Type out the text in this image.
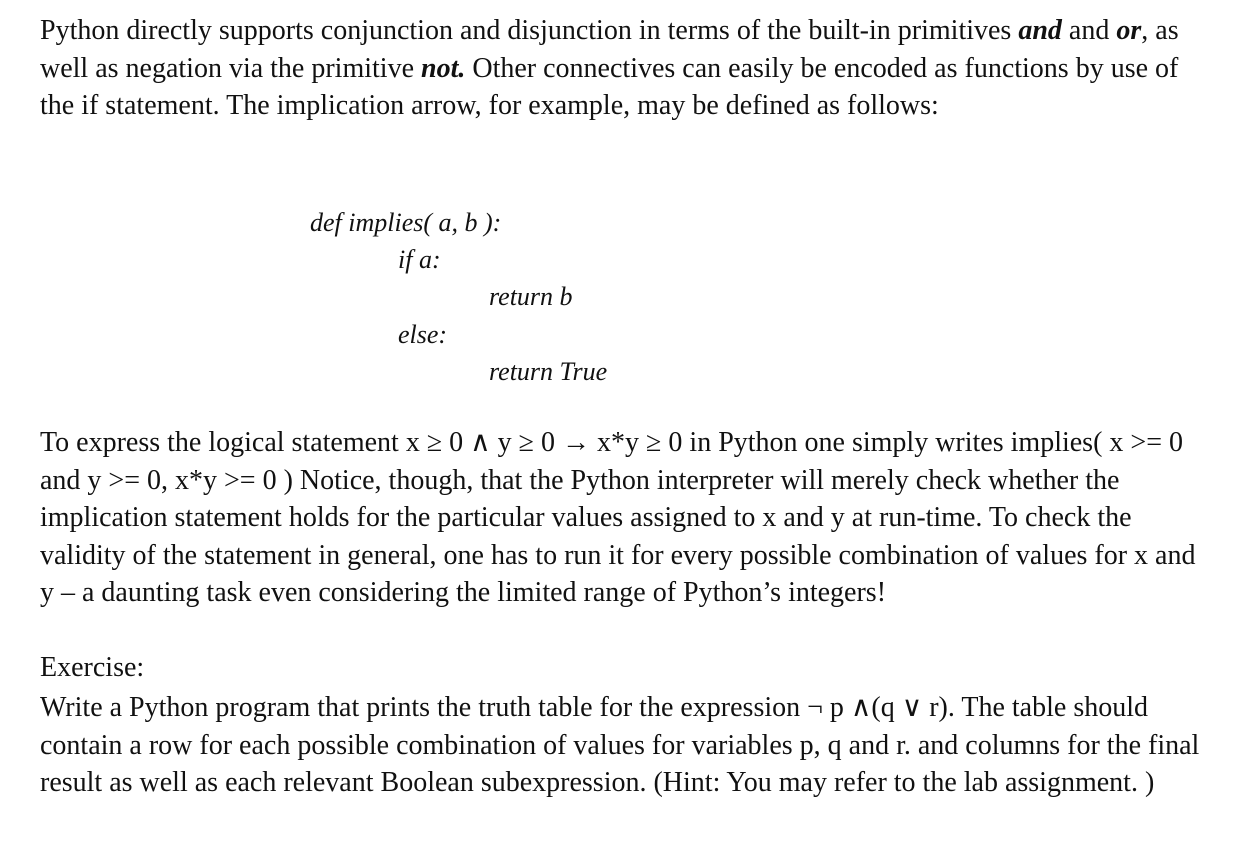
Python directly supports conjunction and disjunction in terms of the built-in primitives and and or, as well as negation via the primitive not. Other connectives can easily be encoded as functions by use of the if statement. The implication arrow, for example, may be defined as follows:

def implies( a, b ):
if a:
return b
else:
return True

To express the logical statement x ≥ 0 ∧ y ≥ 0 → x*y ≥ 0 in Python one simply writes implies( x >= 0 and y >= 0, x*y >= 0 ) Notice, though, that the Python interpreter will merely check whether the implication statement holds for the particular values assigned to x and y at run-time. To check the validity of the statement in general, one has to run it for every possible combination of values for x and y – a daunting task even considering the limited range of Python’s integers!

Exercise:

Write a Python program that prints the truth table for the expression ¬ p ∧(q ∨ r). The table should contain a row for each possible combination of values for variables p, q and r. and columns for the final result as well as each relevant Boolean subexpression. (Hint: You may refer to the lab assignment. )
